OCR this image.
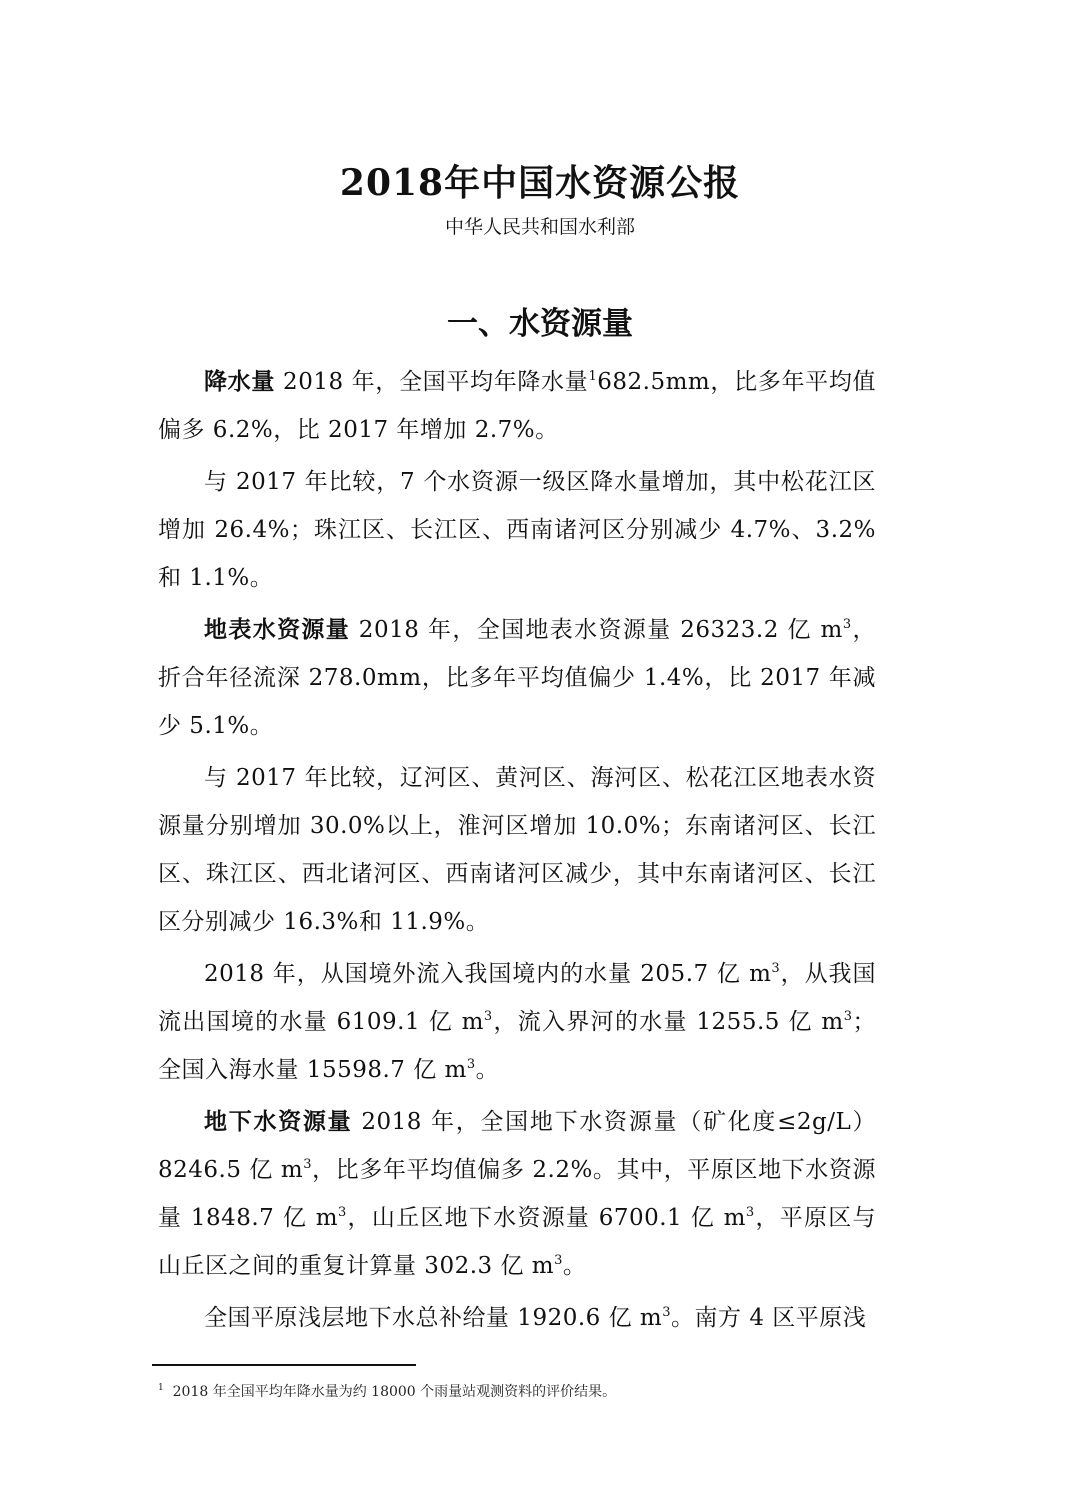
2018年中国水资源公报
中华人民共和国水利部
一、水资源量

降水量 2018 年，全国平均年降水量$^1$682.5mm，比多年平均值偏多 6.2%，比 2017 年增加 2.7%。

与 2017 年比较，7 个水资源一级区降水量增加，其中松花江区增加 26.4%；珠江区、长江区、西南诸河区分别减少 4.7%、3.2% 和 1.1%。

地表水资源量 2018 年，全国地表水资源量 26323.2 亿 $m^3$，折合年径流深 278.0mm，比多年平均值偏少 1.4%，比 2017 年减少 5.1%。

与 2017 年比较，辽河区、黄河区、海河区、松花江区地表水资源量分别增加 30.0%以上，淮河区增加 10.0%；东南诸河区、长江区、珠江区、西北诸河区、西南诸河区减少，其中东南诸河区、长江区分别减少 16.3%和 11.9%。

2018 年，从国境外流入我国境内的水量 205.7 亿 $m^3$，从我国流出国境的水量 6109.1 亿 $m^3$，流入界河的水量 1255.5 亿 $m^3$；全国入海水量 15598.7 亿 $m^3$。

地下水资源量 2018 年，全国地下水资源量（矿化度≤2g/L）8246.5 亿 $m^3$，比多年平均值偏多 2.2%。其中，平原区地下水资源量 1848.7 亿 $m^3$，山丘区地下水资源量 6700.1 亿 $m^3$，平原区与山丘区之间的重复计算量 302.3 亿 $m^3$。

全国平原浅层地下水总补给量 1920.6 亿 $m^3$。南方 4 区平原浅

$^1$ 2018 年全国平均年降水量为约 18000 个雨量站观测资料的评价结果。
